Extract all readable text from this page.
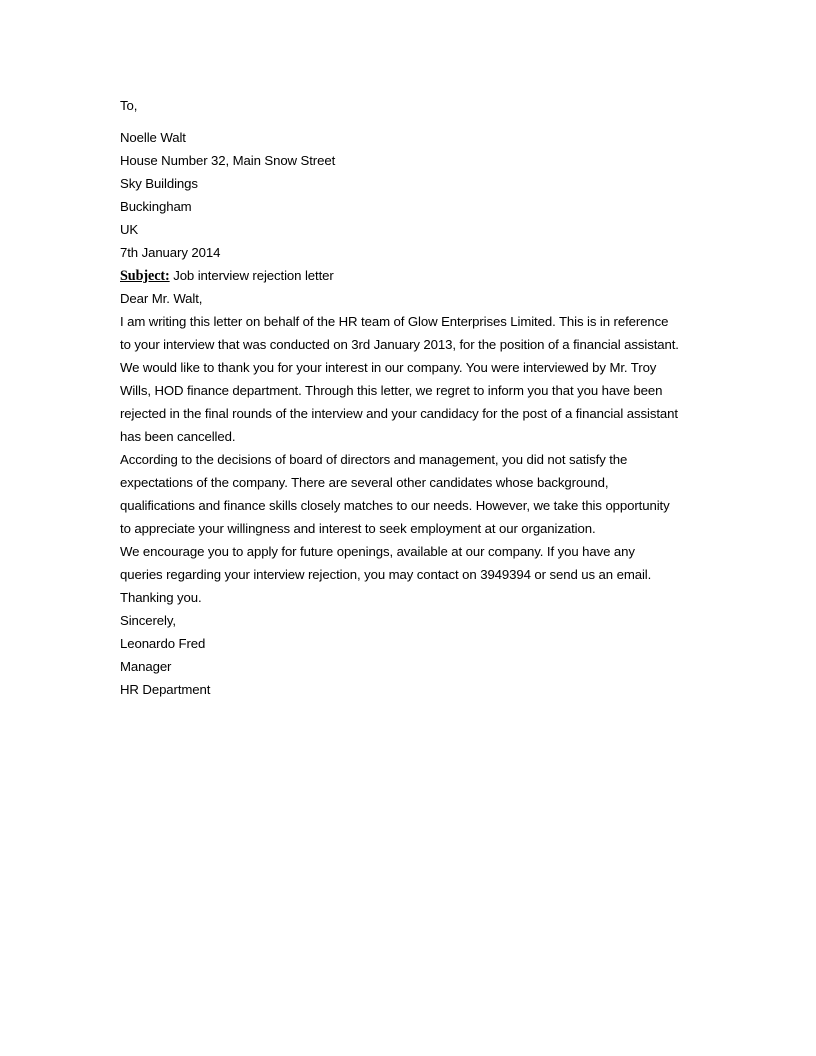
To,
Noelle Walt
House Number 32, Main Snow Street
Sky Buildings
Buckingham
UK
7th January 2014
Subject: Job interview rejection letter
Dear Mr. Walt,
I am writing this letter on behalf of the HR team of Glow Enterprises Limited. This is in reference
to your interview that was conducted on 3rd January 2013, for the position of a financial assistant.
We would like to thank you for your interest in our company. You were interviewed by Mr. Troy
Wills, HOD finance department. Through this letter, we regret to inform you that you have been
rejected in the final rounds of the interview and your candidacy for the post of a financial assistant
has been cancelled.
According to the decisions of board of directors and management, you did not satisfy the
expectations of the company. There are several other candidates whose background,
qualifications and finance skills closely matches to our needs. However, we take this opportunity
to appreciate your willingness and interest to seek employment at our organization.
We encourage you to apply for future openings, available at our company. If you have any
queries regarding your interview rejection, you may contact on 3949394 or send us an email.
Thanking you.
Sincerely,
Leonardo Fred
Manager
HR Department
